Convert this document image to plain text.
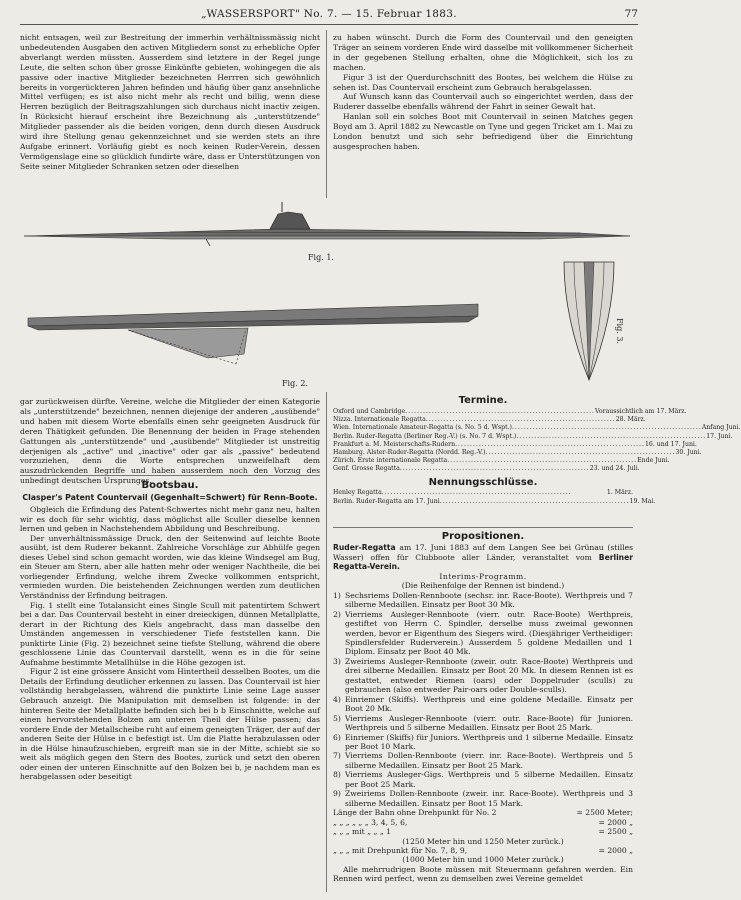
„WASSERSPORT" No. 7. — 15. Februar 1883.	77

nicht entsagen, weil zur Bestreitung der immerhin verhältnissmässig nicht unbedeutenden Ausgaben den activen Mitgliedern sonst zu erhebliche Opfer abverlangt werden müssten. Ausserdem sind letztere in der Regel junge Leute, die selten schon über grosse Einkünfte gebieten, wohingegen die als passive oder inactive Mitglieder bezeichneten Herrren sich gewöhnlich bereits in vorgerückteren Jahren befinden und häufig über ganz ansehnliche Mittel verfügen; es ist also nicht mehr als recht und billig, wenn diese Herren bezüglich der Beitragszahlungen sich durchaus nicht inactiv zeigen. In Rücksicht hierauf erscheint ihre Bezeichnung als „unterstützende" Mitglieder passender als die beiden vorigen, denn durch diesen Ausdruck wird ihre Stellung genau gekennzeichnet und sie werden stets an ihre Aufgabe erinnert. Vorläufig giebt es noch keinen Ruder-Verein, dessen Vermögenslage eine so glücklich fundirte wäre, dass er Unterstützungen von Seite seiner Mitglieder Schranken setzen oder dieselben

zu haben wünscht. Durch die Form des Countervail und den geneigten Träger an seinem vorderen Ende wird dasselbe mit vollkommener Sicherheit in der gegebenen Stellung erhalten, ohne die Möglichkeit, sich los zu machen.

Figur 3 ist der Querdurchschnitt des Bootes, bei welchem die Hülse zu sehen ist. Das Countervail erscheint zum Gebrauch herabgelassen.

Auf Wunsch kann das Countervail auch so eingerichtet werden, dass der Ruderer dasselbe ebenfalls während der Fahrt in seiner Gewalt hat.

Hanlan soll ein solches Boot mit Countervail in seinen Matches gegen Boyd am 3. April 1882 zu Newcastle on Tyne und gegen Tricket am 1. Mai zu London benutzt und sich sehr befriedigend über die Einrichtung ausgesprochen haben.

Fig. 1.
Fig. 2.
Fig. 3.

gar zurückweisen dürfte. Vereine, welche die Mitglieder der einen Kategorie als „unterstützende" bezeichnen, nennen diejenige der anderen „ausübende" und haben mit diesem Worte ebenfalls einen sehr geeigneten Ausdruck für deren Thätigkeit gefunden. Die Benennung der beiden in Frage stehenden Gattungen als „unterstützende" und „ausübende" Mitglieder ist unstreitig derjenigen als „active" und „inactive" oder gar als „passive" bedeutend vorzuziehen, denn die Worte entsprechen unzweifelhaft dem auszudrückenden Begriffe und haben ausserdem noch den Vorzug des unbedingt deutschen Ursprunges.

Bootsbau.
Clasper's Patent Countervail (Gegenhalt=Schwert) für Renn-Boote.

Obgleich die Erfindung des Patent-Schwertes nicht mehr ganz neu, halten wir es doch für sehr wichtig, dass möglichst alle Sculler dieselbe kennen lernen und geben in Nachstehendem Abbildung und Beschreibung.

Der unverhältnissmässige Druck, den der Seitenwind auf leichte Boote ausübt, ist dem Ruderer bekannt. Zahlreiche Vorschläge zur Abhülfe gegen dieses Uebel sind schon gemacht worden, wie das kleine Windsegel am Bug, ein Steuer am Stern, aber alle hatten mehr oder weniger Nachtheile, die bei vorliegender Erfindung, welche ihrem Zwecke vollkommen entspricht, vermieden wurden. Die beistehenden Zeichnungen werden zum deutlichen Verständniss der Erfindung beitragen.

Fig. 1 stellt eine Totalansicht eines Single Scull mit patentirtem Schwert bei a dar. Das Countervail besteht in einer dreieckigen, dünnen Metallplatte, derart in der Richtung des Kiels angebracht, dass man dasselbe den Umständen angemessen in verschiedener Tiefe feststellen kann. Die punktirte Linie (Fig. 2) bezeichnet seine tiefste Stellung, während die obere geschlossene Linie das Countervail darstellt, wenn es in die für seine Aufnahme bestimmte Metallhülse in die Höhe gezogen ist.

Figur 2 ist eine grössere Ansicht vom Hintertheil desselben Bootes, um die Details der Erfindung deutlicher erkennen zu lassen. Das Countervail ist hier vollständig herabgelassen, während die punktirte Linie seine Lage ausser Gebrauch anzeigt. Die Manipulation mit demselben ist folgende: in der hinteren Seite der Metallplatte befinden sich bei b b Einschnitte, welche auf einen hervorstehenden Bolzen am unteren Theil der Hülse passen; das vordere Ende der Metallscheibe ruht auf einem geneigten Träger, der auf der anderen Seite der Hülse in c befestigt ist. Um die Platte herabzulassen oder in die Hülse hinaufzuschieben, ergreift man sie in der Mitte, schiebt sie so weit als möglich gegen den Stern des Bootes, zurück und setzt den oberen oder einen der unteren Einschnitte auf den Bolzen bei b, je nachdem man es herabgelassen oder beseitigt

Termine.
Oxford und Cambridge ................................................................ Voraussichtlich am 17. März.
Nizza. Internationale Regatta ................................................................ 28. März.
Wien. Internationale Amateur-Regatta (s. No. 5 d. Wspt.) ................................................................ Anfang Juni.
Berlin. Ruder-Regatta (Berliner Reg.-V.) (s. No. 7 d. Wspt.) ................................................................ 17. Juni.
Frankfurt a. M. Meisterschafts-Rudern ................................................................ 16. und 17. Juni.
Hamburg. Alster-Ruder-Regatta (Nordd. Reg.-V.) ................................................................ 30. Juni.
Zürich. Erste internationale Regatta ................................................................ Ende Juni.
Genf. Grosse Regatta ................................................................ 23. und 24. Juli.
Nennungsschlüsse.
Henley Regatta ................................................................	1. März.
Berlin. Ruder-Regatta am 17. Juni ................................................................ 19. Mai.
Propositionen.

Ruder-Regatta am 17. Juni 1883 auf dem Langen See bei Grünau (stilles Wasser) offen für Clubboote aller Länder, veranstaltet vom Berliner Regatta-Verein.

Interims-Programm.
(Die Reihenfolge der Rennen ist bindend.)
1) Sechsriems Dollen-Rennboote (sechsr. inr. Race-Boote). Werthpreis und 7 silberne Medaillen. Einsatz per Boot 30 Mk.
2) Vierriems Ausleger-Rennboote (vierr. outr. Race-Boote) Werthpreis, gestiftet von Herrn C. Spindler, derselbe muss zweimal gewonnen werden, bevor er Eigenthum des Siegers wird. (Diesjähriger Vertheidiger: Spindlersfelder Ruderverein.) Ausserdem 5 goldene Medaillen und 1 Diplom. Einsatz per Boot 40 Mk.
3) Zweiriems Ausleger-Rennboote (zweir. outr. Race-Boote) Werthpreis und drei silberne Medaillen. Einsatz per Boot 20 Mk. In diesem Rennen ist es gestattet, entweder Riemen (oars) oder Doppelruder (sculls) zu gebrauchen (also entweder Pair-oars oder Double-sculls).
4) Einriemer (Skiffs). Werthpreis und eine goldene Medaille. Einsatz per Boot 20 Mk.
5) Vierriems Ausleger-Rennboote (vierr. outr. Race-Boote) für Junioren. Werthpreis und 5 silberne Medaillen. Einsatz per Boot 25 Mark.
6) Einriemer (Skiffs) für Juniors. Werthpreis und 1 silberne Medaille. Einsatz per Boot 10 Mark.
7) Vierriems Dollen-Rennboote (vierr. inr. Race-Boote). Werthpreis und 5 silberne Medaillen. Einsatz per Boot 25 Mark.
8) Vierriems Ausleger-Gigs. Werthpreis und 5 silberne Medaillen. Einsatz per Boot 25 Mark.
9) Zweiriems Dollen-Rennboote (zweir. inr. Race-Boote). Werthpreis und 3 silberne Medaillen. Einsatz per Boot 15 Mark.
Länge der Bahn ohne Drehpunkt für No. 2	= 2500 Meter;
„ „ „ „ „ „ 3, 4, 5, 6,	= 2000 „
„ „ „ mit „ „ „ 1	= 2500 „
(1250 Meter hin und 1250 Meter zurück.)
„ „ „ mit Drehpunkt für No. 7, 8, 9,	= 2000 „
(1000 Meter hin und 1000 Meter zurück.)

Alle mehrrudrigen Boote müssen mit Steuermann gefahren werden. Ein Rennen wird perfect, wenn zu demselben zwei Vereine gemeldet
